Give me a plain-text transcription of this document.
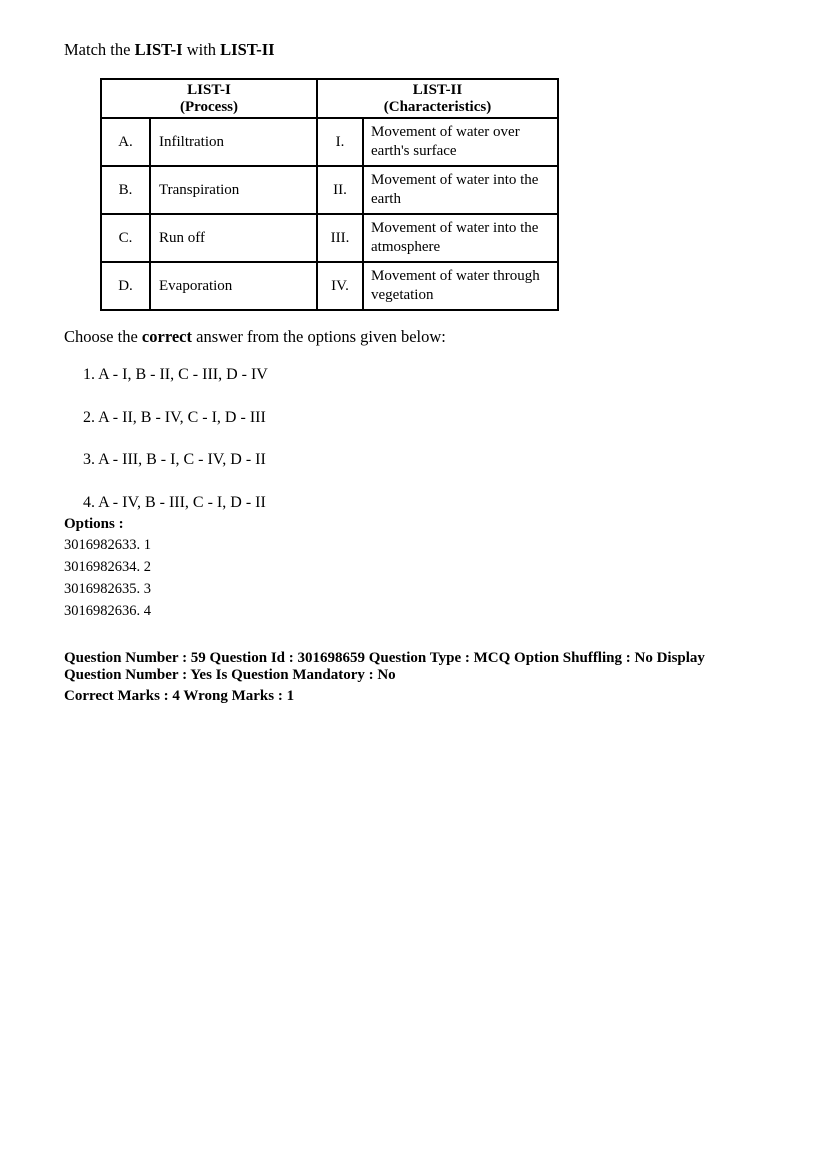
Match the LIST-I with LIST-II
LIST-I
(Process)

LIST-II
(Characteristics)

A.	Infiltration	I.	Movement of water over earth's surface
B.	Transpiration	II.	Movement of water into the earth
C.	Run off	III.	Movement of water into the atmosphere
D.	Evaporation	IV.	Movement of water through vegetation
Choose the correct answer from the options given below:
1. A - I, B - II, C - III, D - IV
2. A - II, B - IV, C - I, D - III
3. A - III, B - I, C - IV, D - II
4. A - IV, B - III, C - I, D - II
Options :
3016982633. 1
3016982634. 2
3016982635. 3
3016982636. 4
Question Number : 59 Question Id : 301698659 Question Type : MCQ Option Shuffling : No Display Question Number : Yes Is Question Mandatory : No
Correct Marks : 4 Wrong Marks : 1
